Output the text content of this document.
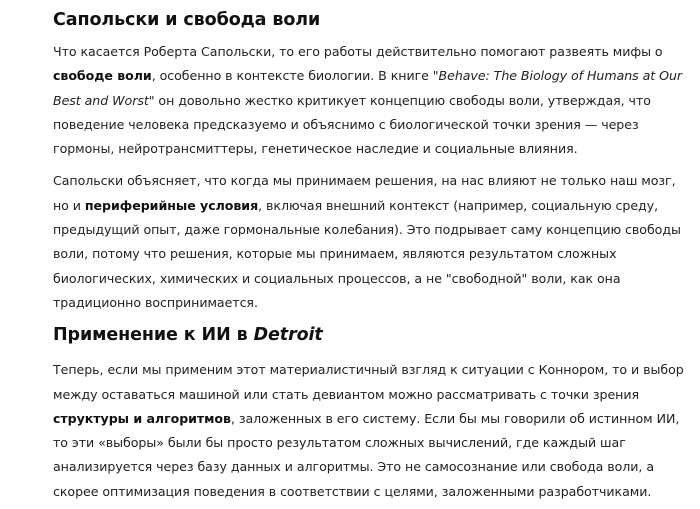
Сапольски и свобода воли

Что касается Роберта Сапольски, то его работы действительно помогают развеять мифы о свободе воли, особенно в контексте биологии. В книге "Behave: The Biology of Humans at Our Best and Worst" он довольно жестко критикует концепцию свободы воли, утверждая, что поведение человека предсказуемо и объяснимо с биологической точки зрения — через гормоны, нейротрансмиттеры, генетическое наследие и социальные влияния.

Сапольски объясняет, что когда мы принимаем решения, на нас влияют не только наш мозг, но и периферийные условия, включая внешний контекст (например, социальную среду, предыдущий опыт, даже гормональные колебания). Это подрывает саму концепцию свободы воли, потому что решения, которые мы принимаем, являются результатом сложных биологических, химических и социальных процессов, а не "свободной" воли, как она традиционно воспринимается.

Применение к ИИ в Detroit

Теперь, если мы применим этот материалистичный взгляд к ситуации с Коннором, то и выбор между оставаться машиной или стать девиантом можно рассматривать с точки зрения структуры и алгоритмов, заложенных в его систему. Если бы мы говорили об истинном ИИ, то эти «выборы» были бы просто результатом сложных вычислений, где каждый шаг анализируется через базу данных и алгоритмы. Это не самосознание или свобода воли, а скорее оптимизация поведения в соответствии с целями, заложенными разработчиками.
